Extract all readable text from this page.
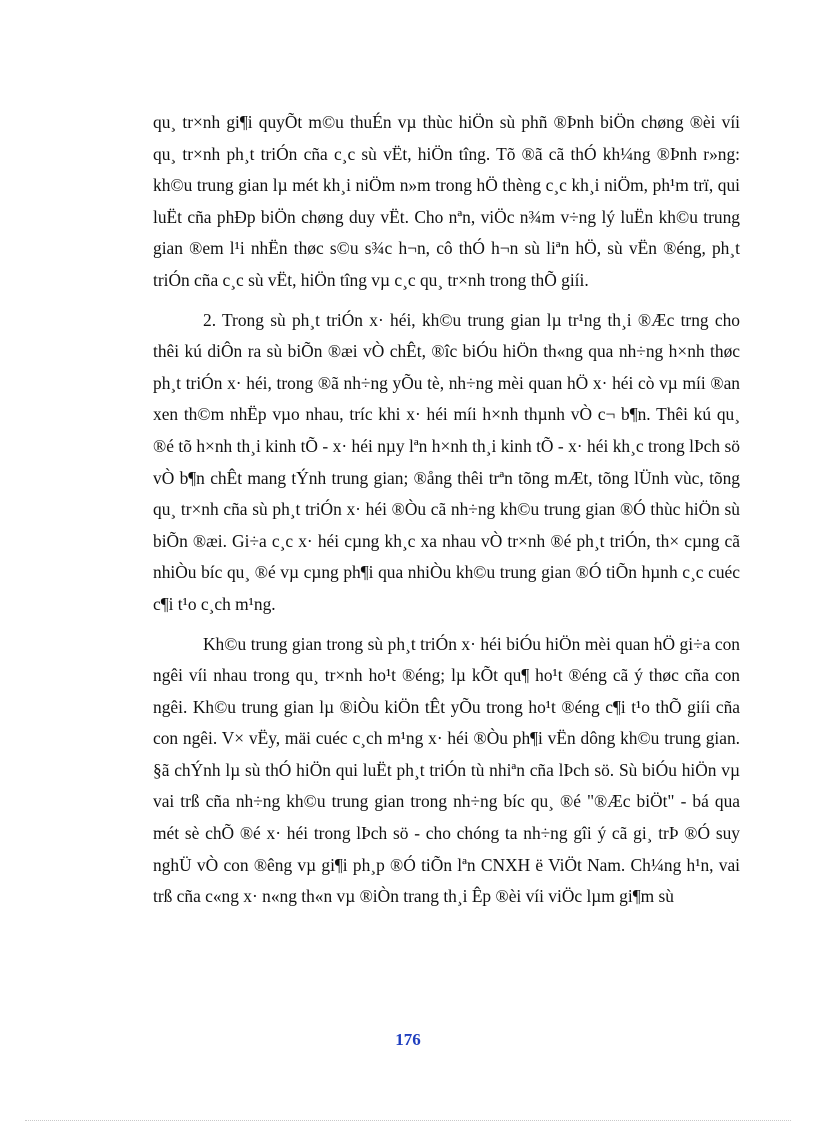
qu¸ tr×nh gi¶i quyÕt m©u thuÉn vµ thùc hiÖn sù phñ ®Þnh biÖn chøng ®èi víi qu¸ tr×nh ph¸t triÓn cña c¸c sù vËt, hiÖn tîng. Tõ ®ã cã thÓ kh¼ng ®Þnh r»ng: kh©u trung gian lµ mét kh¸i niÖm n»m trong hÖ thèng c¸c kh¸i niÖm, ph¹m trï, qui luËt cña phÐp biÖn chøng duy vËt. Cho nªn, viÖc n¾m v÷ng lý luËn kh©u trung gian ®em l¹i nhËn thøc s©u s¾c h¬n, cô thÓ h¬n sù liªn hÖ, sù vËn ®éng, ph¸t triÓn cña c¸c sù vËt, hiÖn tîng vµ c¸c qu¸ tr×nh trong thÕ giíi.

2. Trong sù ph¸t triÓn x· héi, kh©u trung gian lµ tr¹ng th¸i ®Æc trng cho thêi kú diÔn ra sù biÕn ®æi vÒ chÊt, ®îc biÓu hiÖn th«ng qua nh÷ng h×nh thøc ph¸t triÓn x· héi, trong ®ã nh÷ng yÕu tè, nh÷ng mèi quan hÖ x· héi cò vµ míi ®an xen th©m nhËp vµo nhau, tríc khi x· héi míi h×nh thµnh vÒ c¬ b¶n. Thêi kú qu¸ ®é tõ h×nh th¸i kinh tÕ - x· héi nµy lªn h×nh th¸i kinh tÕ - x· héi kh¸c trong lÞch sö vÒ b¶n chÊt mang tÝnh trung gian; ®ång thêi trªn tõng mÆt, tõng lÜnh vùc, tõng qu¸ tr×nh cña sù ph¸t triÓn x· héi ®Òu cã nh÷ng kh©u trung gian ®Ó thùc hiÖn sù biÕn ®æi. Gi÷a c¸c x· héi cµng kh¸c xa nhau vÒ tr×nh ®é ph¸t triÓn, th× cµng cã nhiÒu bíc qu¸ ®é vµ cµng ph¶i qua nhiÒu kh©u trung gian ®Ó tiÕn hµnh c¸c cuéc c¶i t¹o c¸ch m¹ng.

Kh©u trung gian trong sù ph¸t triÓn x· héi biÓu hiÖn mèi quan hÖ gi÷a con ngêi víi nhau trong qu¸ tr×nh ho¹t ®éng; lµ kÕt qu¶ ho¹t ®éng cã ý thøc cña con ngêi. Kh©u trung gian lµ ®iÒu kiÖn tÊt yÕu trong ho¹t ®éng c¶i t¹o thÕ giíi cña con ngêi. V× vËy, mäi cuéc c¸ch m¹ng x· héi ®Òu ph¶i vËn dông kh©u trung gian. §ã chÝnh lµ sù thÓ hiÖn qui luËt ph¸t triÓn tù nhiªn cña lÞch sö. Sù biÓu hiÖn vµ vai trß cña nh÷ng kh©u trung gian trong nh÷ng bíc qu¸ ®é "®Æc biÖt" - bá qua mét sè chÕ ®é x· héi trong lÞch sö - cho chóng ta nh÷ng gîi ý cã gi¸ trÞ ®Ó suy nghÜ vÒ con ®êng vµ gi¶i ph¸p ®Ó tiÕn lªn CNXH ë ViÖt Nam. Ch¼ng h¹n, vai trß cña c«ng x· n«ng th«n vµ ®iÒn trang th¸i Êp ®èi víi viÖc lµm gi¶m sù

176
